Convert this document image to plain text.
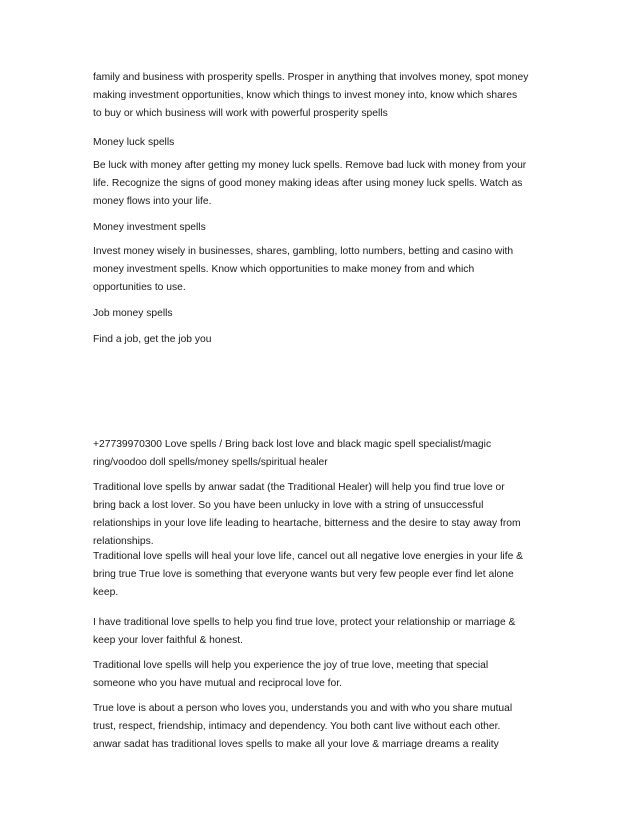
family and business with prosperity spells. Prosper in anything that involves money, spot money
making investment opportunities, know which things to invest money into, know which shares
to buy or which business will work with powerful prosperity spells

Money luck spells

Be luck with money after getting my money luck spells. Remove bad luck with money from your
life. Recognize the signs of good money making ideas after using money luck spells. Watch as
money flows into your life.

Money investment spells

Invest money wisely in businesses, shares, gambling, lotto numbers, betting and casino with
money investment spells. Know which opportunities to make money from and which
opportunities to use.

Job money spells

Find a job, get the job you

+27739970300 Love spells / Bring back lost love and black magic spell specialist/magic
ring/voodoo doll spells/money spells/spiritual healer

Traditional love spells by anwar sadat (the Traditional Healer) will help you find true love or
bring back a lost lover. So you have been unlucky in love with a string of unsuccessful
relationships in your love life leading to heartache, bitterness and the desire to stay away from
relationships.

Traditional love spells will heal your love life, cancel out all negative love energies in your life &
bring true True love is something that everyone wants but very few people ever find let alone
keep.

I have traditional love spells to help you find true love, protect your relationship or marriage &
keep your lover faithful & honest.

Traditional love spells will help you experience the joy of true love, meeting that special
someone who you have mutual and reciprocal love for.

True love is about a person who loves you, understands you and with who you share mutual
trust, respect, friendship, intimacy and dependency. You both cant live without each other.
anwar sadat has traditional loves spells to make all your love & marriage dreams a reality
